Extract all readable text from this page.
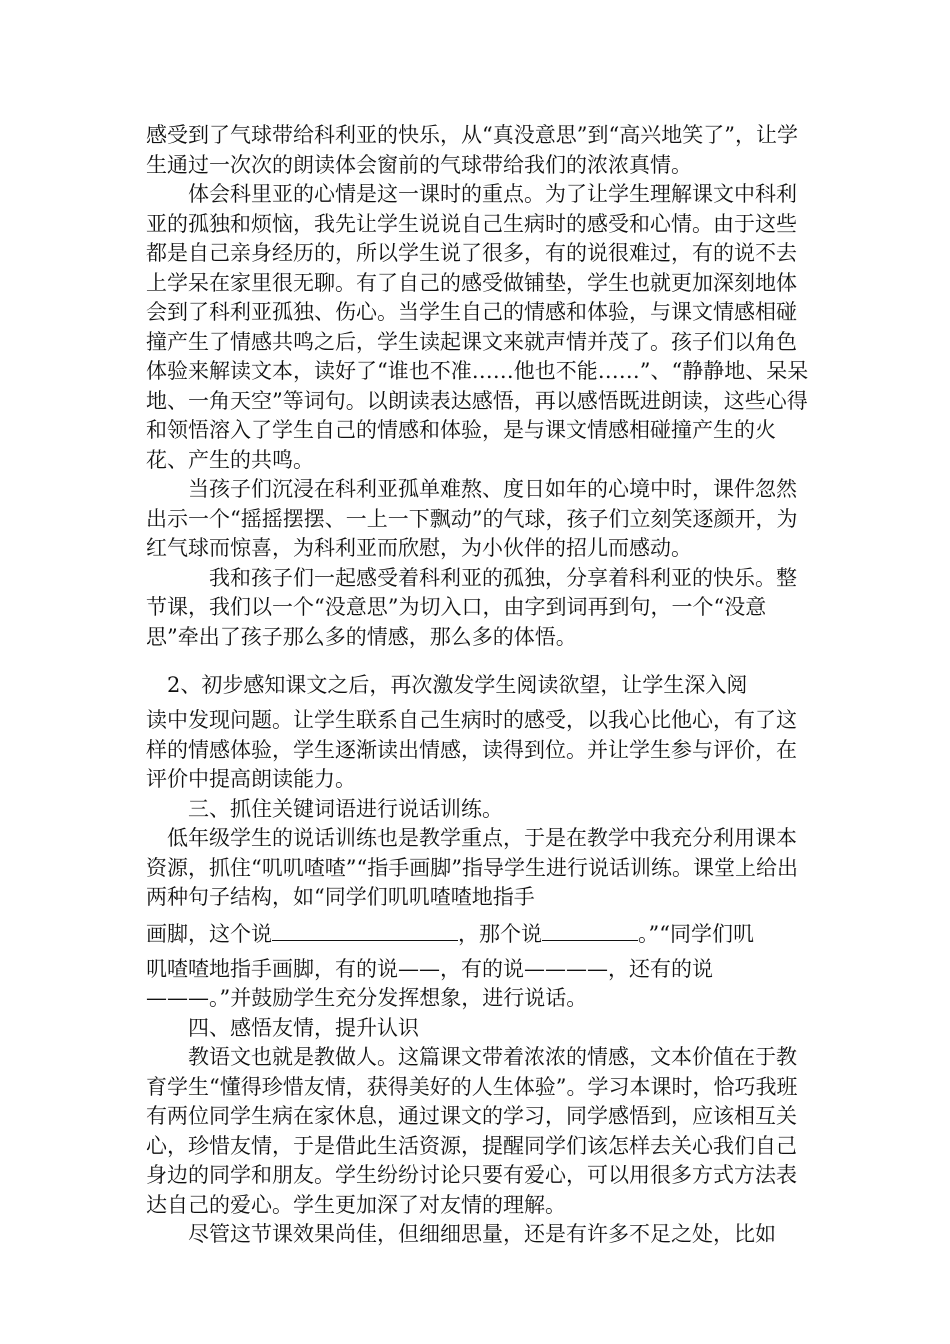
感受到了气球带给科利亚的快乐，从“真没意思”到“高兴地笑了”，让学生通过一次次的朗读体会窗前的气球带给我们的浓浓真情。

体会科里亚的心情是这一课时的重点。为了让学生理解课文中科利亚的孤独和烦恼，我先让学生说说自己生病时的感受和心情。由于这些都是自己亲身经历的，所以学生说了很多，有的说很难过，有的说不去上学呆在家里很无聊。有了自己的感受做铺垫，学生也就更加深刻地体会到了科利亚孤独、伤心。当学生自己的情感和体验，与课文情感相碰撞产生了情感共鸣之后，学生读起课文来就声情并茂了。孩子们以角色体验来解读文本，读好了“谁也不准……他也不能……”、“静静地、呆呆地、一角天空”等词句。以朗读表达感悟，再以感悟既进朗读，这些心得和领悟溶入了学生自己的情感和体验，是与课文情感相碰撞产生的火花、产生的共鸣。

当孩子们沉浸在科利亚孤单难熬、度日如年的心境中时，课件忽然出示一个“摇摇摆摆、一上一下飘动”的气球，孩子们立刻笑逐颜开，为红气球而惊喜，为科利亚而欣慰，为小伙伴的招儿而感动。

我和孩子们一起感受着科利亚的孤独，分享着科利亚的快乐。整节课，我们以一个“没意思”为切入口，由字到词再到句，一个“没意思”牵出了孩子那么多的情感，那么多的体悟。

2、初步感知课文之后，再次激发学生阅读欲望，让学生深入阅

读中发现问题。让学生联系自己生病时的感受，以我心比他心，有了这样的情感体验，学生逐渐读出情感，读得到位。并让学生参与评价，在评价中提高朗读能力。

三、抓住关键词语进行说话训练。

低年级学生的说话训练也是教学重点，于是在教学中我充分利用课本资源，抓住“叽叽喳喳”“指手画脚”指导学生进行说话训练。课堂上给出两种句子结构，如“同学们叽叽喳喳地指手

画脚，这个说	，那个说	。”“同学们叽

叽喳喳地指手画脚，有的说——，有的说————，还有的说———。”并鼓励学生充分发挥想象，进行说话。

四、感悟友情，提升认识

教语文也就是教做人。这篇课文带着浓浓的情感，文本价值在于教育学生“懂得珍惜友情，获得美好的人生体验”。学习本课时，恰巧我班有两位同学生病在家休息，通过课文的学习，同学感悟到，应该相互关心，珍惜友情，于是借此生活资源，提醒同学们该怎样去关心我们自己身边的同学和朋友。学生纷纷讨论只要有爱心，可以用很多方式方法表达自己的爱心。学生更加深了对友情的理解。

尽管这节课效果尚佳，但细细思量，还是有许多不足之处，比如
